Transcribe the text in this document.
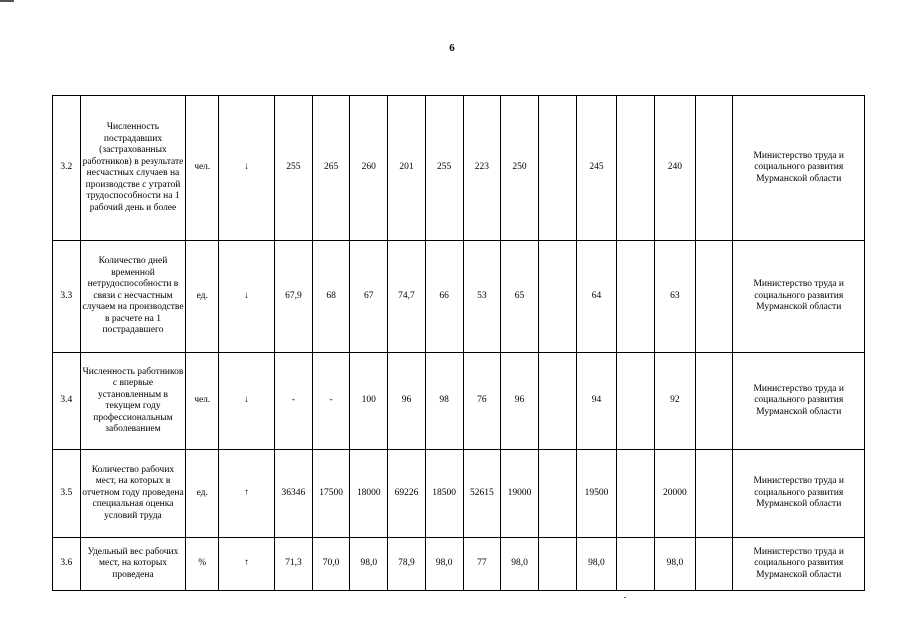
6
3.2	Численность пострадавших (застрахованных работников) в результате несчастных случаев на производстве с утратой трудоспособности на 1 рабочий день и более	чел.	↓	255	265	260	201	255	223	250		245		240		Министерство труда и социального развития Мурманской области
3.3	Количество дней временной нетрудоспособности в связи с несчастным случаем на производстве в расчете на 1 пострадавшего	ед.	↓	67,9	68	67	74,7	66	53	65		64		63		Министерство труда и социального развития Мурманской области
3.4	Численность работников с впервые установленным в текущем году профессиональным заболеванием	чел.	↓	-	-	100	96	98	76	96		94		92		Министерство труда и социального развития Мурманской области
3.5	Количество рабочих мест, на которых в отчетном году проведена специальная оценка условий труда	ед.	↑	36346	17500	18000	69226	18500	52615	19000		19500		20000		Министерство труда и социального развития Мурманской области
3.6	Удельный вес рабочих мест, на которых проведена	%	↑	71,3	70,0	98,0	78,9	98,0	77	98,0		98,0		98,0		Министерство труда и социального развития Мурманской области
